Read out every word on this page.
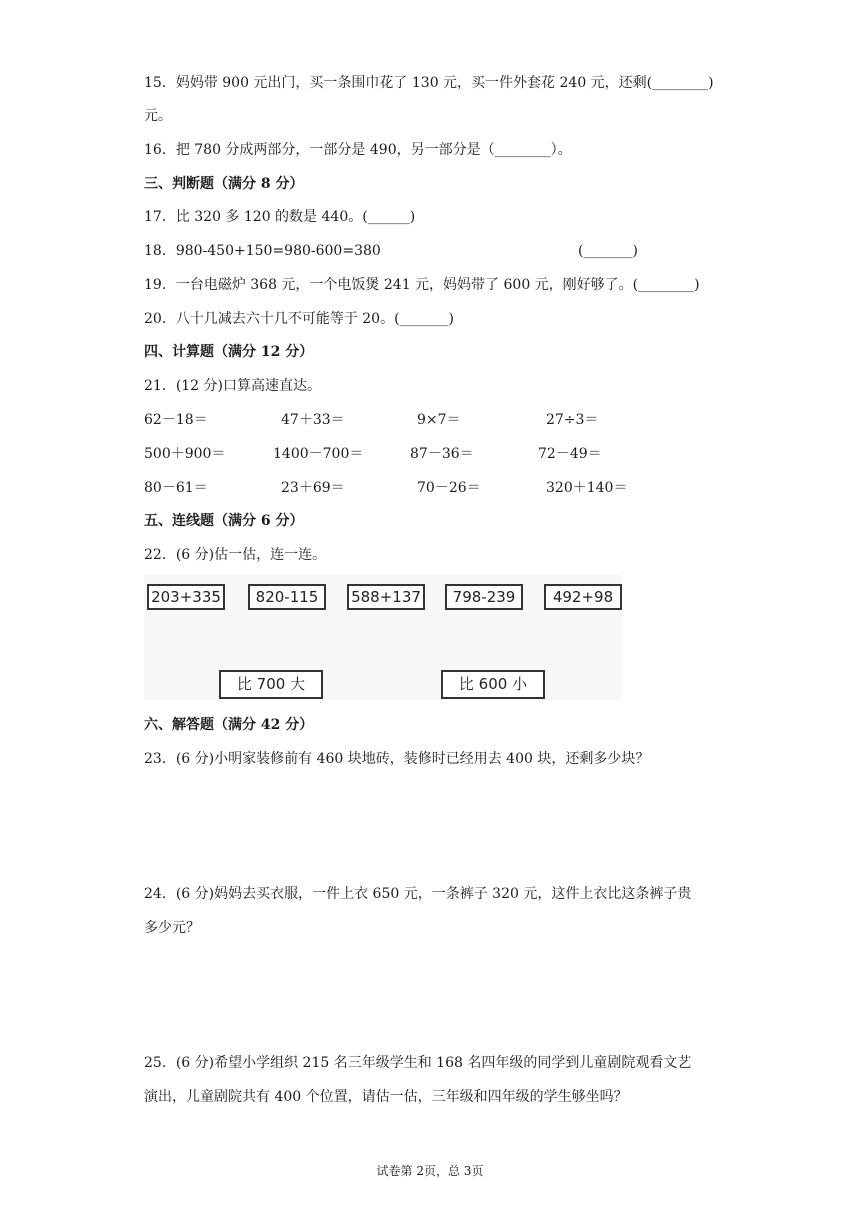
15．妈妈带 900 元出门，买一条围巾花了 130 元，买一件外套花 240 元，还剩(________)
元。
16．把 780 分成两部分，一部分是 490，另一部分是（________）。
三、判断题（满分 8 分）
17．比 320 多 120 的数是 440。(______)
18．980-450+150=980-600=380	(_______)
19．一台电磁炉 368 元，一个电饭煲 241 元，妈妈带了 600 元，刚好够了。(________)
20．八十几减去六十几不可能等于 20。(_______)
四、计算题（满分 12 分）
21．(12 分)口算高速直达。
62－18＝	47＋33＝	9×7＝	27÷3＝
500＋900＝	1400－700＝	87－36＝	72－49＝
80－61＝	23＋69＝	70－26＝	320＋140＝
五、连线题（满分 6 分）
22．(6 分)估一估，连一连。
203+335	820-115	588+137	798-239	492+98
比 700 大	比 600 小
六、解答题（满分 42 分）
23．(6 分)小明家装修前有 460 块地砖，装修时已经用去 400 块，还剩多少块？
24．(6 分)妈妈去买衣服，一件上衣 650 元，一条裤子 320 元，这件上衣比这条裤子贵
多少元？
25．(6 分)希望小学组织 215 名三年级学生和 168 名四年级的同学到儿童剧院观看文艺
演出，儿童剧院共有 400 个位置，请估一估，三年级和四年级的学生够坐吗？
试卷第 2页，总 3页
